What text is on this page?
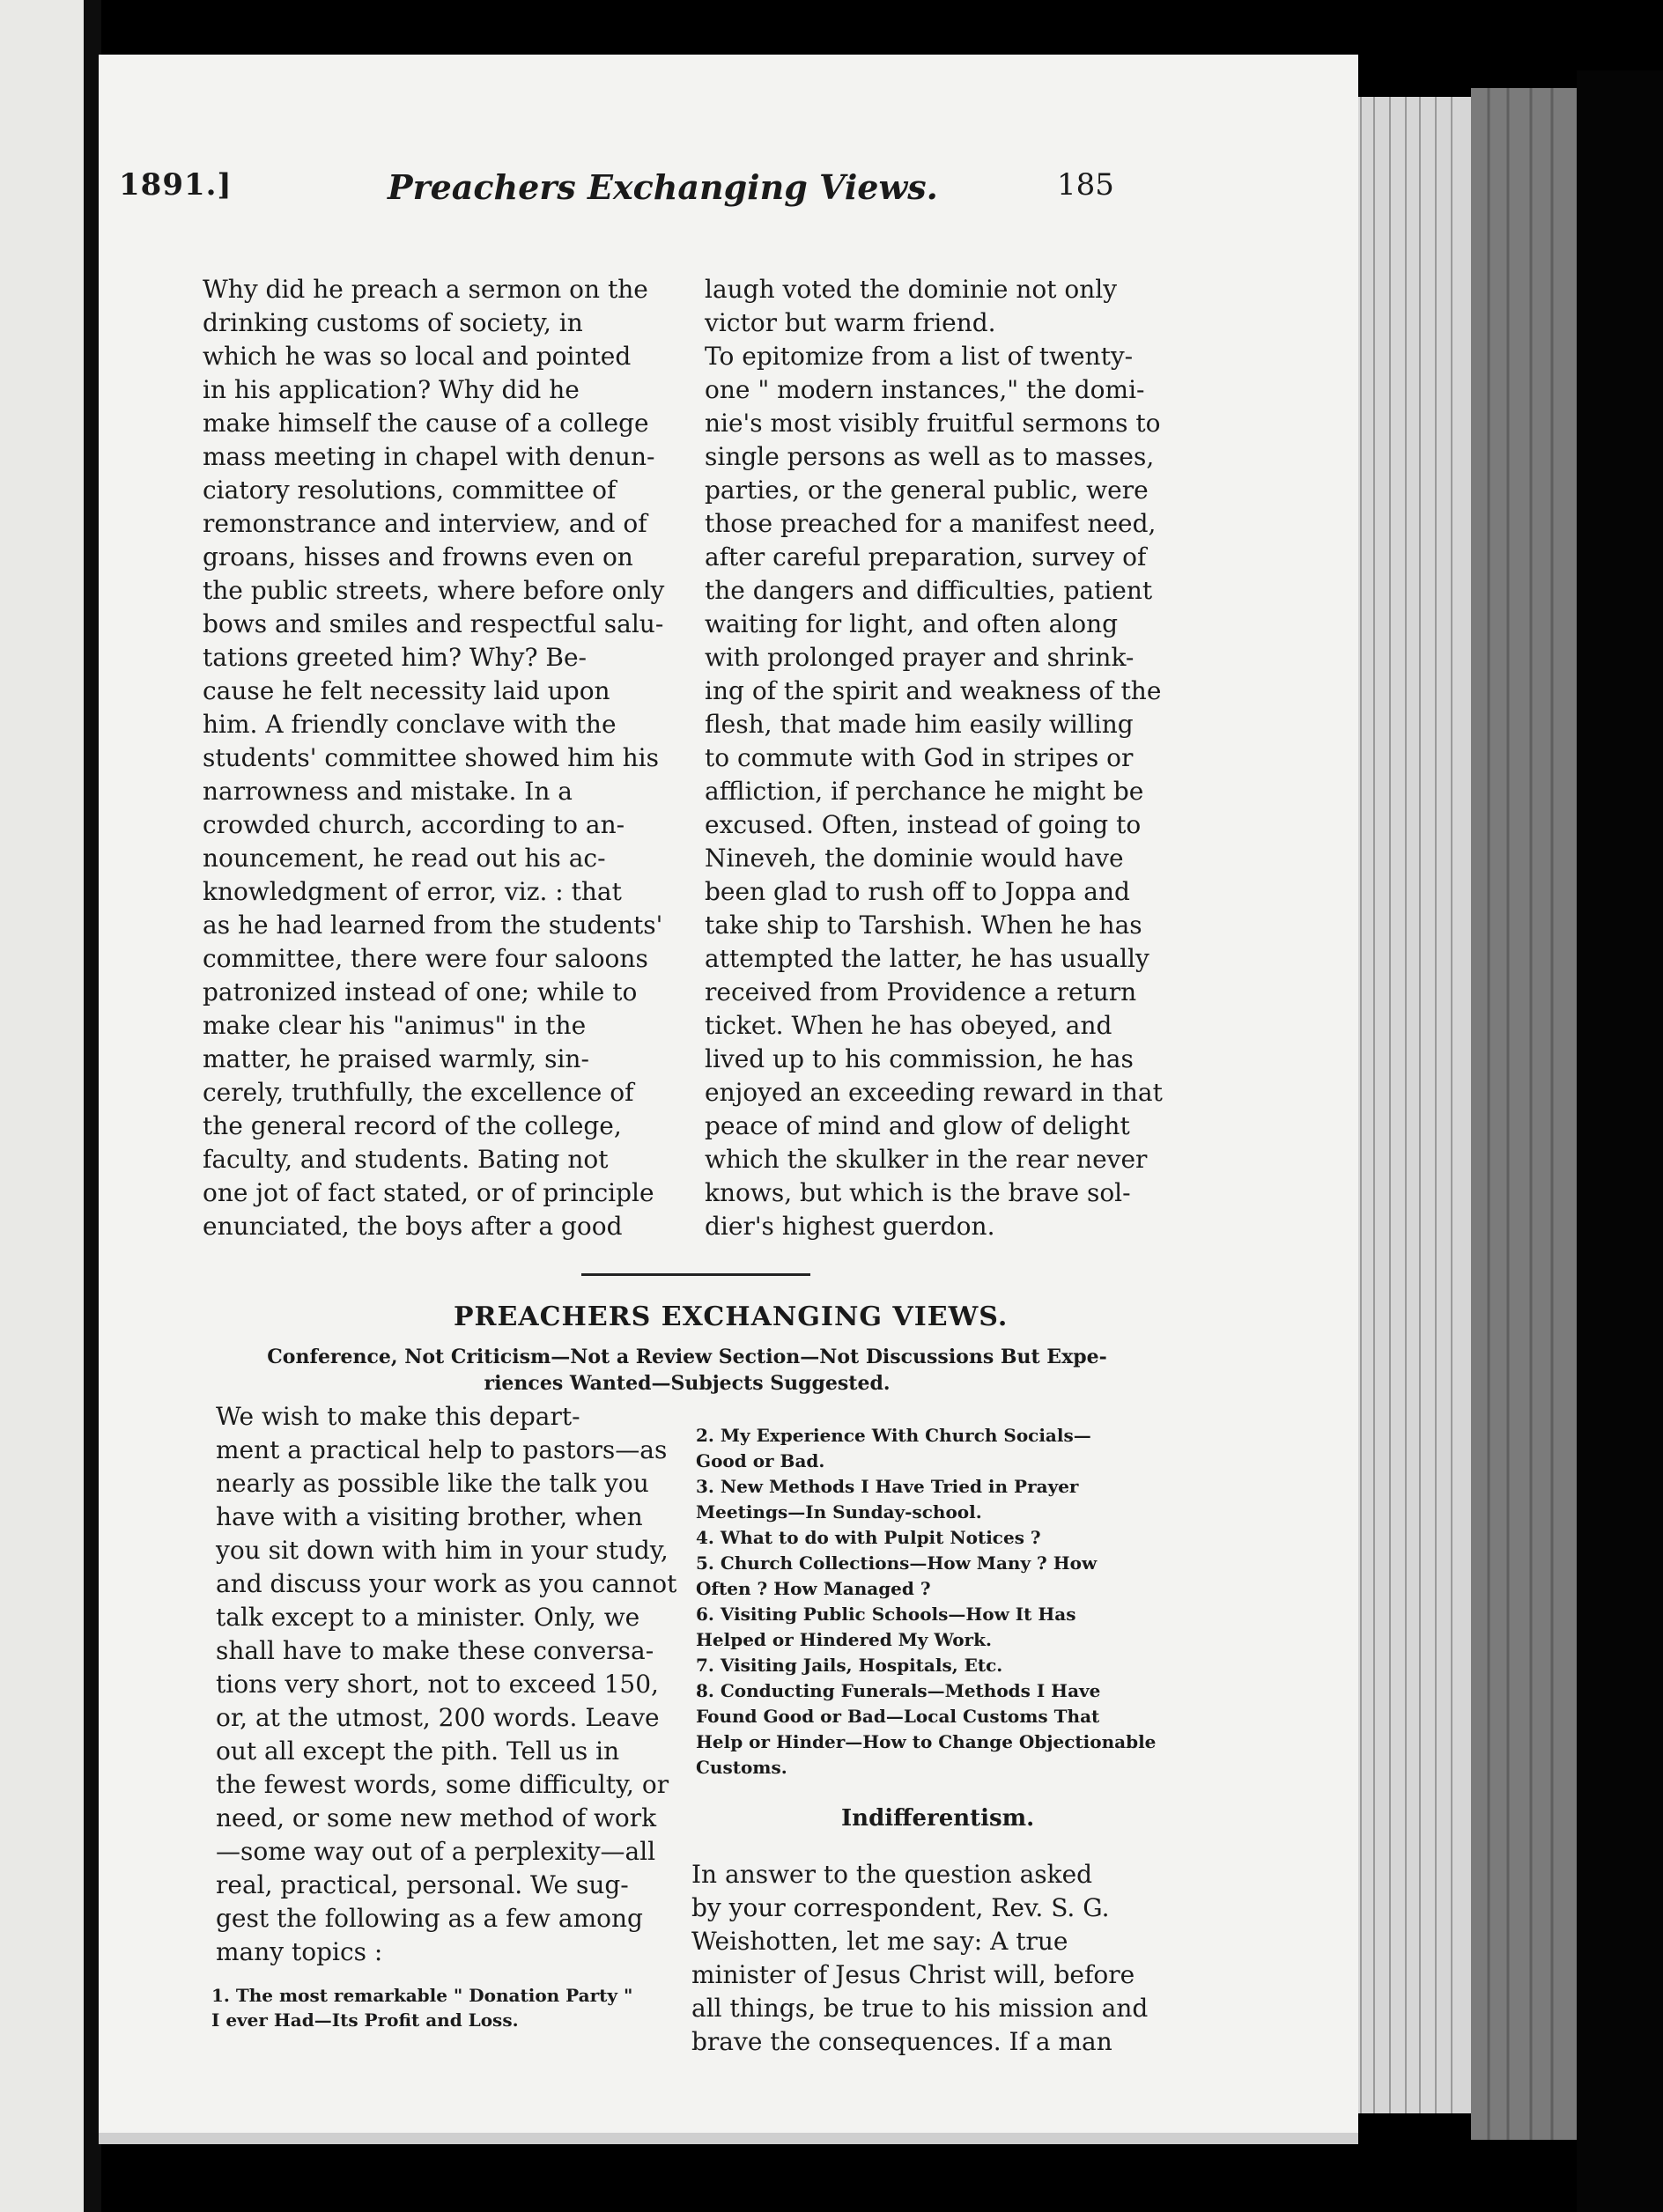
1891.]	Preachers Exchanging Views.	185
Why did he preach a sermon on the
drinking customs of society, in
which he was so local and pointed
in his application? Why did he
make himself the cause of a college
mass meeting in chapel with denun-
ciatory resolutions, committee of
remonstrance and interview, and of
groans, hisses and frowns even on
the public streets, where before only
bows and smiles and respectful salu-
tations greeted him? Why? Be-
cause he felt necessity laid upon
him. A friendly conclave with the
students' committee showed him his
narrowness and mistake. In a
crowded church, according to an-
nouncement, he read out his ac-
knowledgment of error, viz. : that
as he had learned from the students'
committee, there were four saloons
patronized instead of one; while to
make clear his "animus" in the
matter, he praised warmly, sin-
cerely, truthfully, the excellence of
the general record of the college,
faculty, and students. Bating not
one jot of fact stated, or of principle
enunciated, the boys after a good
laugh voted the dominie not only
victor but warm friend.
To epitomize from a list of twenty-
one " modern instances," the domi-
nie's most visibly fruitful sermons to
single persons as well as to masses,
parties, or the general public, were
those preached for a manifest need,
after careful preparation, survey of
the dangers and difficulties, patient
waiting for light, and often along
with prolonged prayer and shrink-
ing of the spirit and weakness of the
flesh, that made him easily willing
to commute with God in stripes or
affliction, if perchance he might be
excused. Often, instead of going to
Nineveh, the dominie would have
been glad to rush off to Joppa and
take ship to Tarshish. When he has
attempted the latter, he has usually
received from Providence a return
ticket. When he has obeyed, and
lived up to his commission, he has
enjoyed an exceeding reward in that
peace of mind and glow of delight
which the skulker in the rear never
knows, but which is the brave sol-
dier's highest guerdon.
PREACHERS EXCHANGING VIEWS.
Conference, Not Criticism—Not a Review Section—Not Discussions But Expe-
riences Wanted—Subjects Suggested.
We wish to make this depart-
ment a practical help to pastors—as
nearly as possible like the talk you
have with a visiting brother, when
you sit down with him in your study,
and discuss your work as you cannot
talk except to a minister. Only, we
shall have to make these conversa-
tions very short, not to exceed 150,
or, at the utmost, 200 words. Leave
out all except the pith. Tell us in
the fewest words, some difficulty, or
need, or some new method of work
—some way out of a perplexity—all
real, practical, personal. We sug-
gest the following as a few among
many topics :
1. The most remarkable " Donation Party "
I ever Had—Its Profit and Loss.
2. My Experience With Church Socials—
Good or Bad.
3. New Methods I Have Tried in Prayer
Meetings—In Sunday-school.
4. What to do with Pulpit Notices ?
5. Church Collections—How Many ? How
Often ? How Managed ?
6. Visiting Public Schools—How It Has
Helped or Hindered My Work.
7. Visiting Jails, Hospitals, Etc.
8. Conducting Funerals—Methods I Have
Found Good or Bad—Local Customs That
Help or Hinder—How to Change Objectionable
Customs.
Indifferentism.
In answer to the question asked
by your correspondent, Rev. S. G.
Weishotten, let me say: A true
minister of Jesus Christ will, before
all things, be true to his mission and
brave the consequences. If a man
